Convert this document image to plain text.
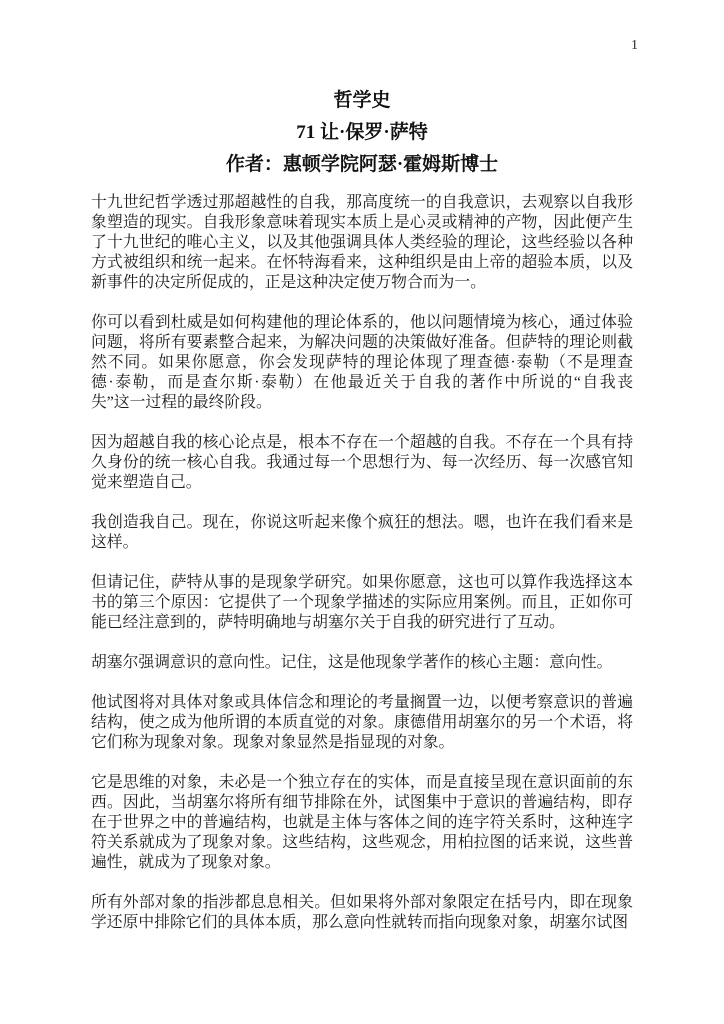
1
哲学史
71 让·保罗·萨特
作者：惠顿学院阿瑟·霍姆斯博士
十九世纪哲学透过那超越性的自我，那高度统一的自我意识，去观察以自我形
象塑造的现实。自我形象意味着现实本质上是心灵或精神的产物，因此便产生
了十九世纪的唯心主义，以及其他强调具体人类经验的理论，这些经验以各种
方式被组织和统一起来。在怀特海看来，这种组织是由上帝的超验本质，以及
新事件的决定所促成的，正是这种决定使万物合而为一。
你可以看到杜威是如何构建他的理论体系的，他以问题情境为核心，通过体验
问题，将所有要素整合起来，为解决问题的决策做好准备。但萨特的理论则截
然不同。如果你愿意，你会发现萨特的理论体现了理查德·泰勒（不是理查
德·泰勒，而是查尔斯·泰勒）在他最近关于自我的著作中所说的“自我丧
失”这一过程的最终阶段。
因为超越自我的核心论点是，根本不存在一个超越的自我。不存在一个具有持
久身份的统一核心自我。我通过每一个思想行为、每一次经历、每一次感官知
觉来塑造自己。
我创造我自己。现在，你说这听起来像个疯狂的想法。嗯，也许在我们看来是
这样。
但请记住，萨特从事的是现象学研究。如果你愿意，这也可以算作我选择这本
书的第三个原因：它提供了一个现象学描述的实际应用案例。而且，正如你可
能已经注意到的，萨特明确地与胡塞尔关于自我的研究进行了互动。
胡塞尔强调意识的意向性。记住，这是他现象学著作的核心主题：意向性。
他试图将对具体对象或具体信念和理论的考量搁置一边，以便考察意识的普遍
结构，使之成为他所谓的本质直觉的对象。康德借用胡塞尔的另一个术语，将
它们称为现象对象。现象对象显然是指显现的对象。
它是思维的对象，未必是一个独立存在的实体，而是直接呈现在意识面前的东
西。因此，当胡塞尔将所有细节排除在外，试图集中于意识的普遍结构，即存
在于世界之中的普遍结构，也就是主体与客体之间的连字符关系时，这种连字
符关系就成为了现象对象。这些结构，这些观念，用柏拉图的话来说，这些普
遍性，就成为了现象对象。
所有外部对象的指涉都息息相关。但如果将外部对象限定在括号内，即在现象
学还原中排除它们的具体本质，那么意向性就转而指向现象对象，胡塞尔试图
